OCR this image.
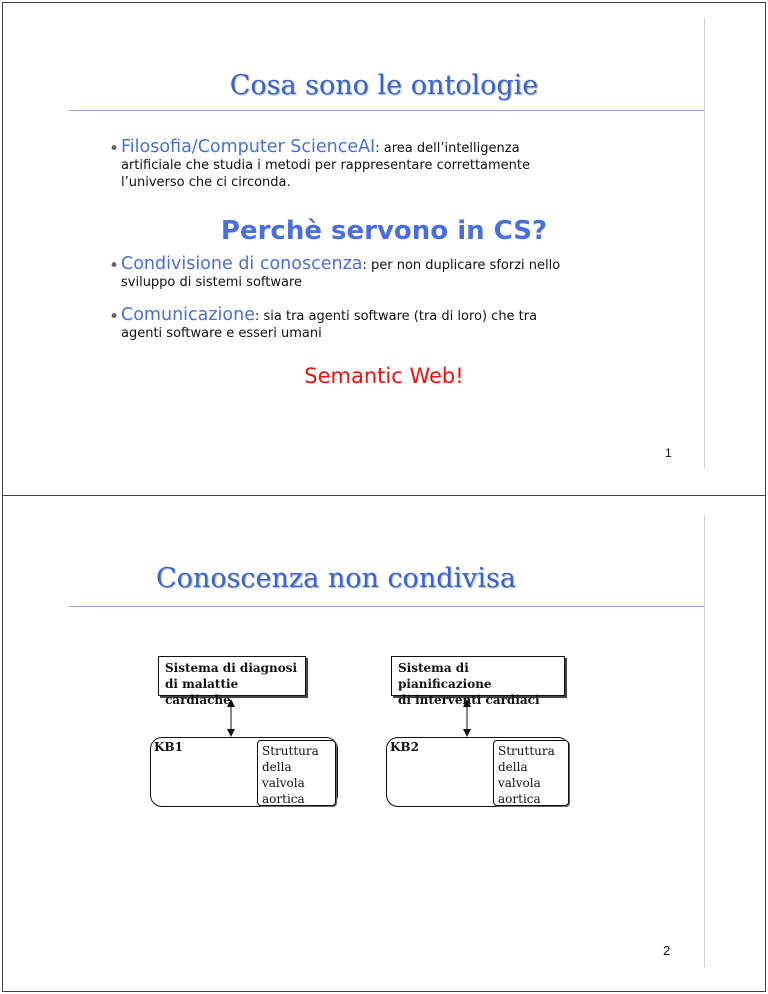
Cosa sono le ontologie
• Filosofia/Computer ScienceAI: area dell’intelligenza
artificiale che studia i metodi per rappresentare correttamente
l’universo che ci circonda.
Perchè servono in CS?
• Condivisione di conoscenza: per non duplicare sforzi nello
sviluppo di sistemi software
• Comunicazione: sia tra agenti software (tra di loro) che tra
agenti software e esseri umani
Semantic Web!
1
Conoscenza non condivisa
Sistema di diagnosi
di malattie cardiache
Sistema di pianificazione
di interventi cardiaci
KB1	Struttura
della
valvola
aortica
KB2	Struttura
della
valvola
aortica
2
